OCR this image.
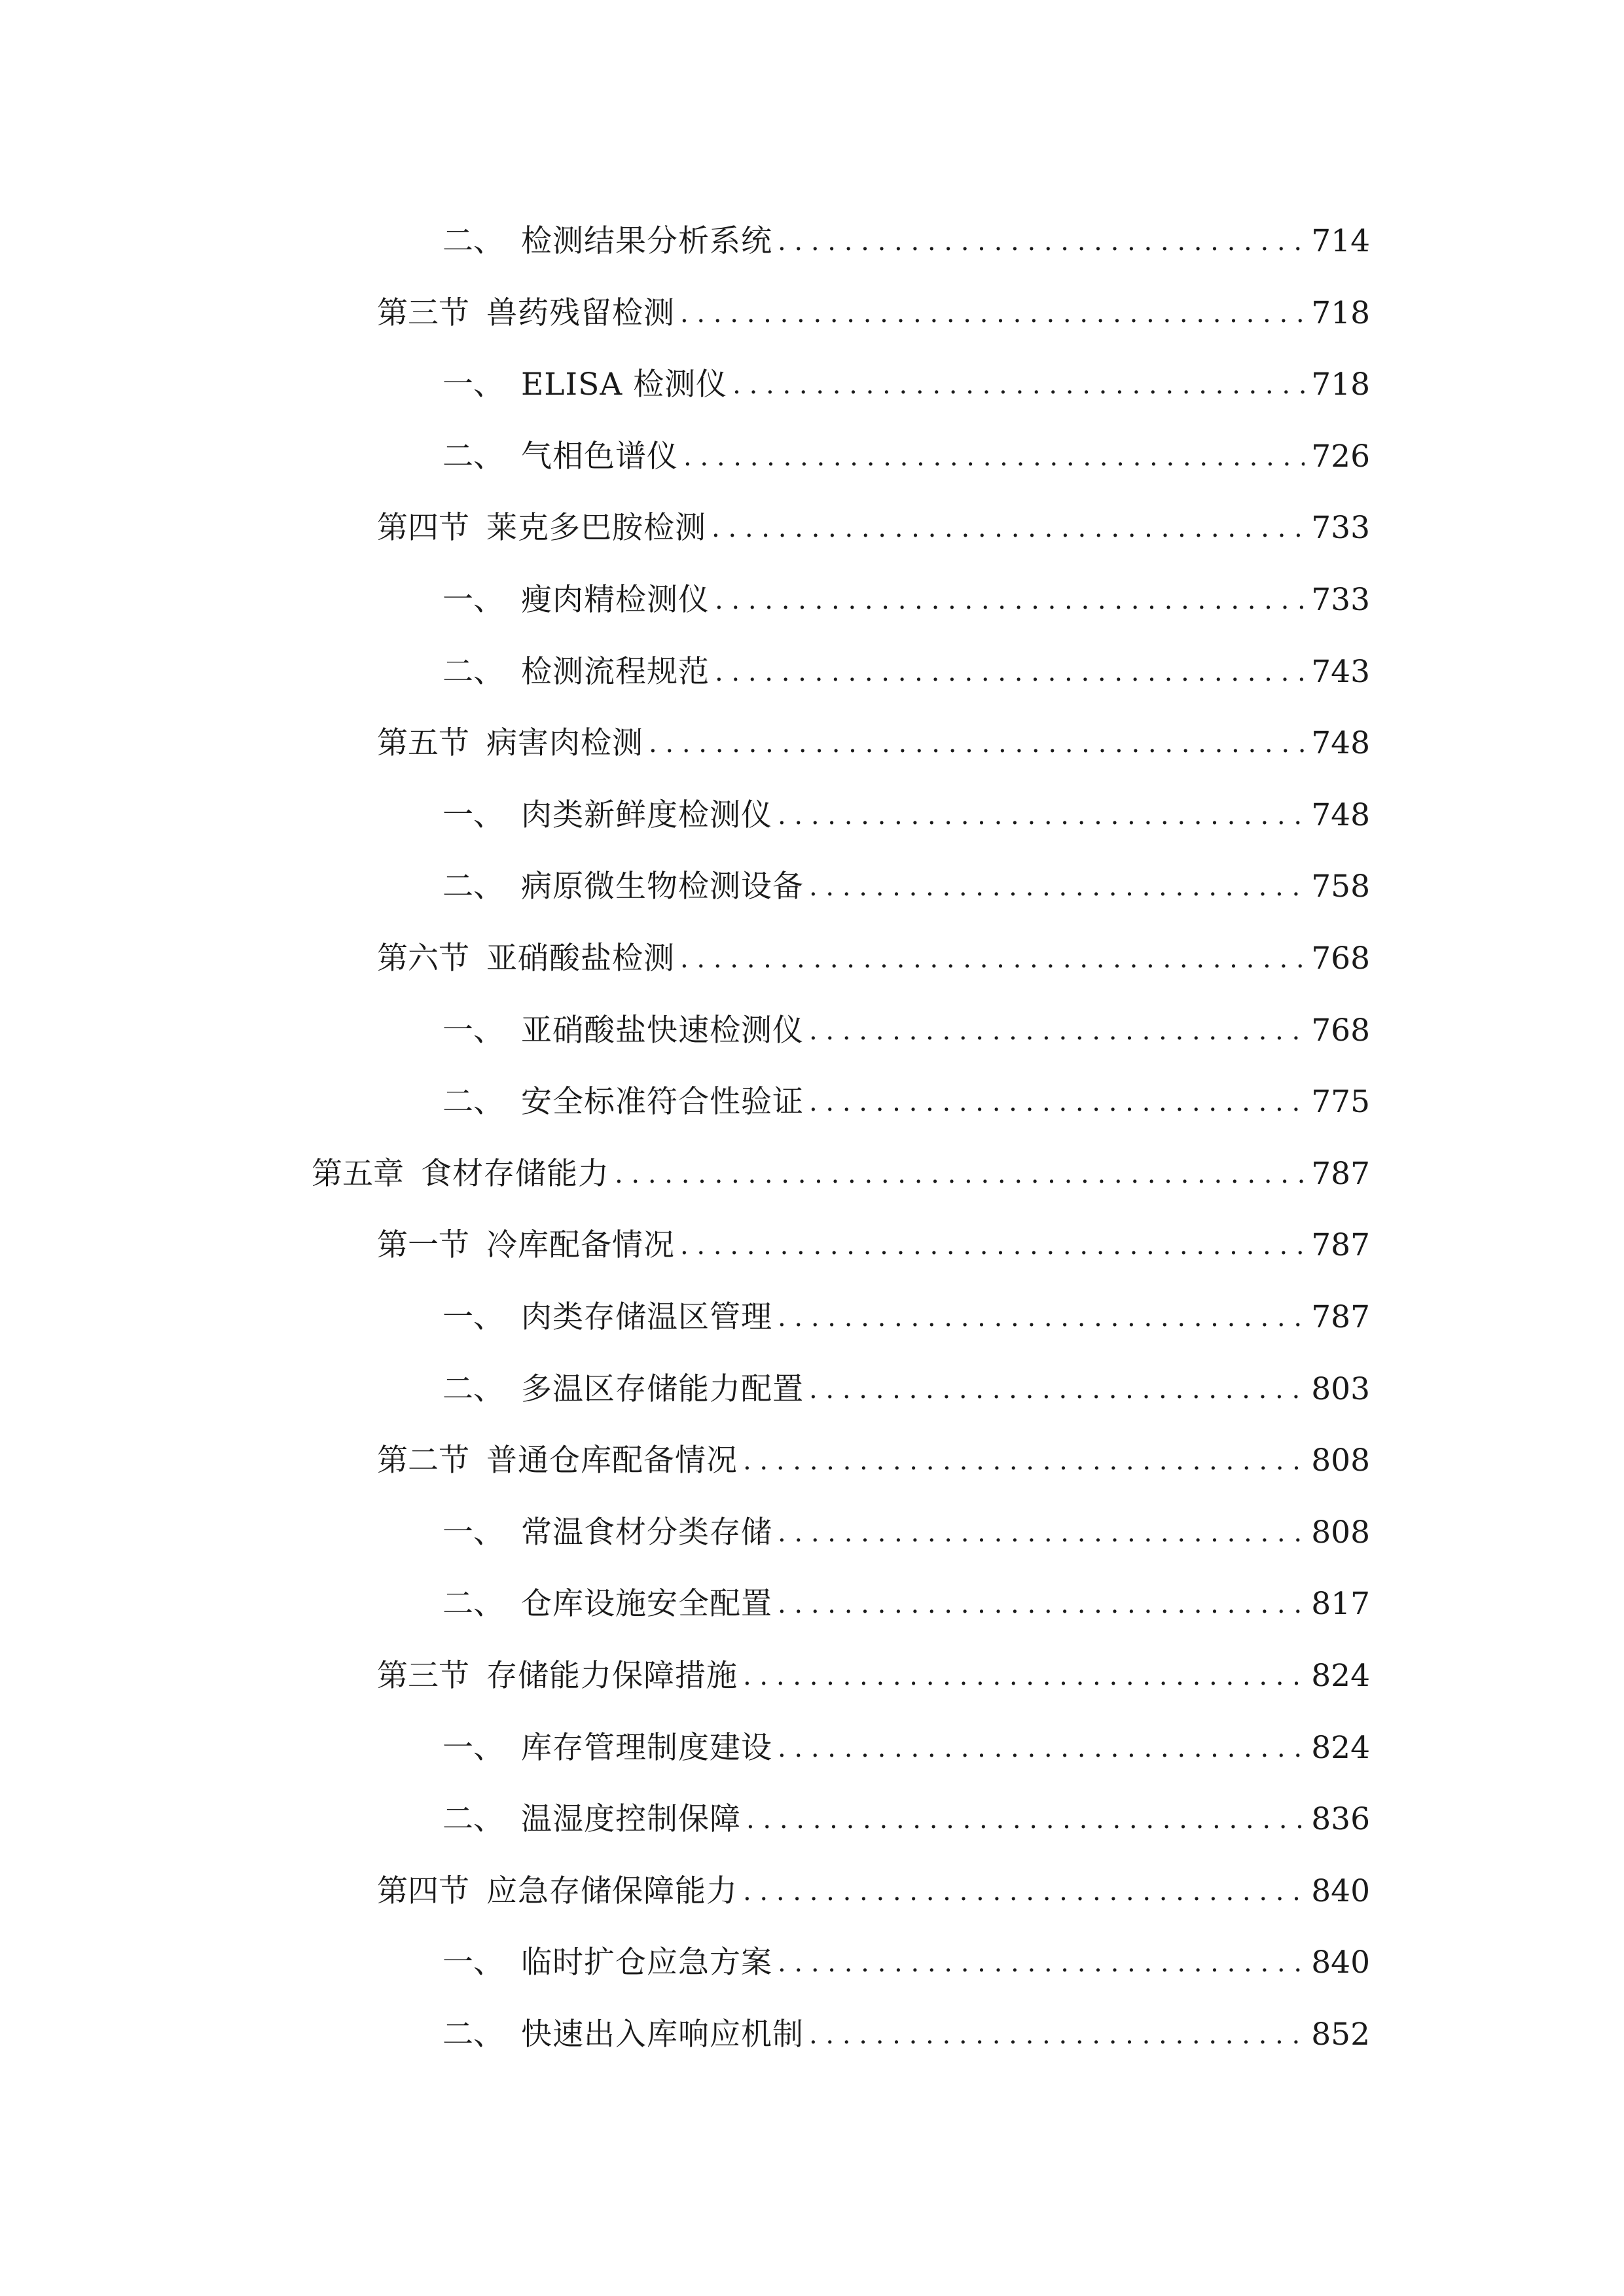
二、 检测结果分析系统 . . .	714
第三节 兽药残留检测 . . .	718
一、 ELISA 检测仪 . . .	718
二、 气相色谱仪 . . .	726
第四节 莱克多巴胺检测 . . .	733
一、 瘦肉精检测仪 . . .	733
二、 检测流程规范 . . .	743
第五节 病害肉检测 . . .	748
一、 肉类新鲜度检测仪 . . .	748
二、 病原微生物检测设备 . . .	758
第六节 亚硝酸盐检测 . . .	768
一、 亚硝酸盐快速检测仪 . . .	768
二、 安全标准符合性验证 . . .	775
第五章 食材存储能力 . . .	787
第一节 冷库配备情况 . . .	787
一、 肉类存储温区管理 . . .	787
二、 多温区存储能力配置 . . .	803
第二节 普通仓库配备情况 . . .	808
一、 常温食材分类存储 . . .	808
二、 仓库设施安全配置 . . .	817
第三节 存储能力保障措施 . . .	824
一、 库存管理制度建设 . . .	824
二、 温湿度控制保障 . . .	836
第四节 应急存储保障能力 . . .	840
一、 临时扩仓应急方案 . . .	840
二、 快速出入库响应机制 . . .	852
